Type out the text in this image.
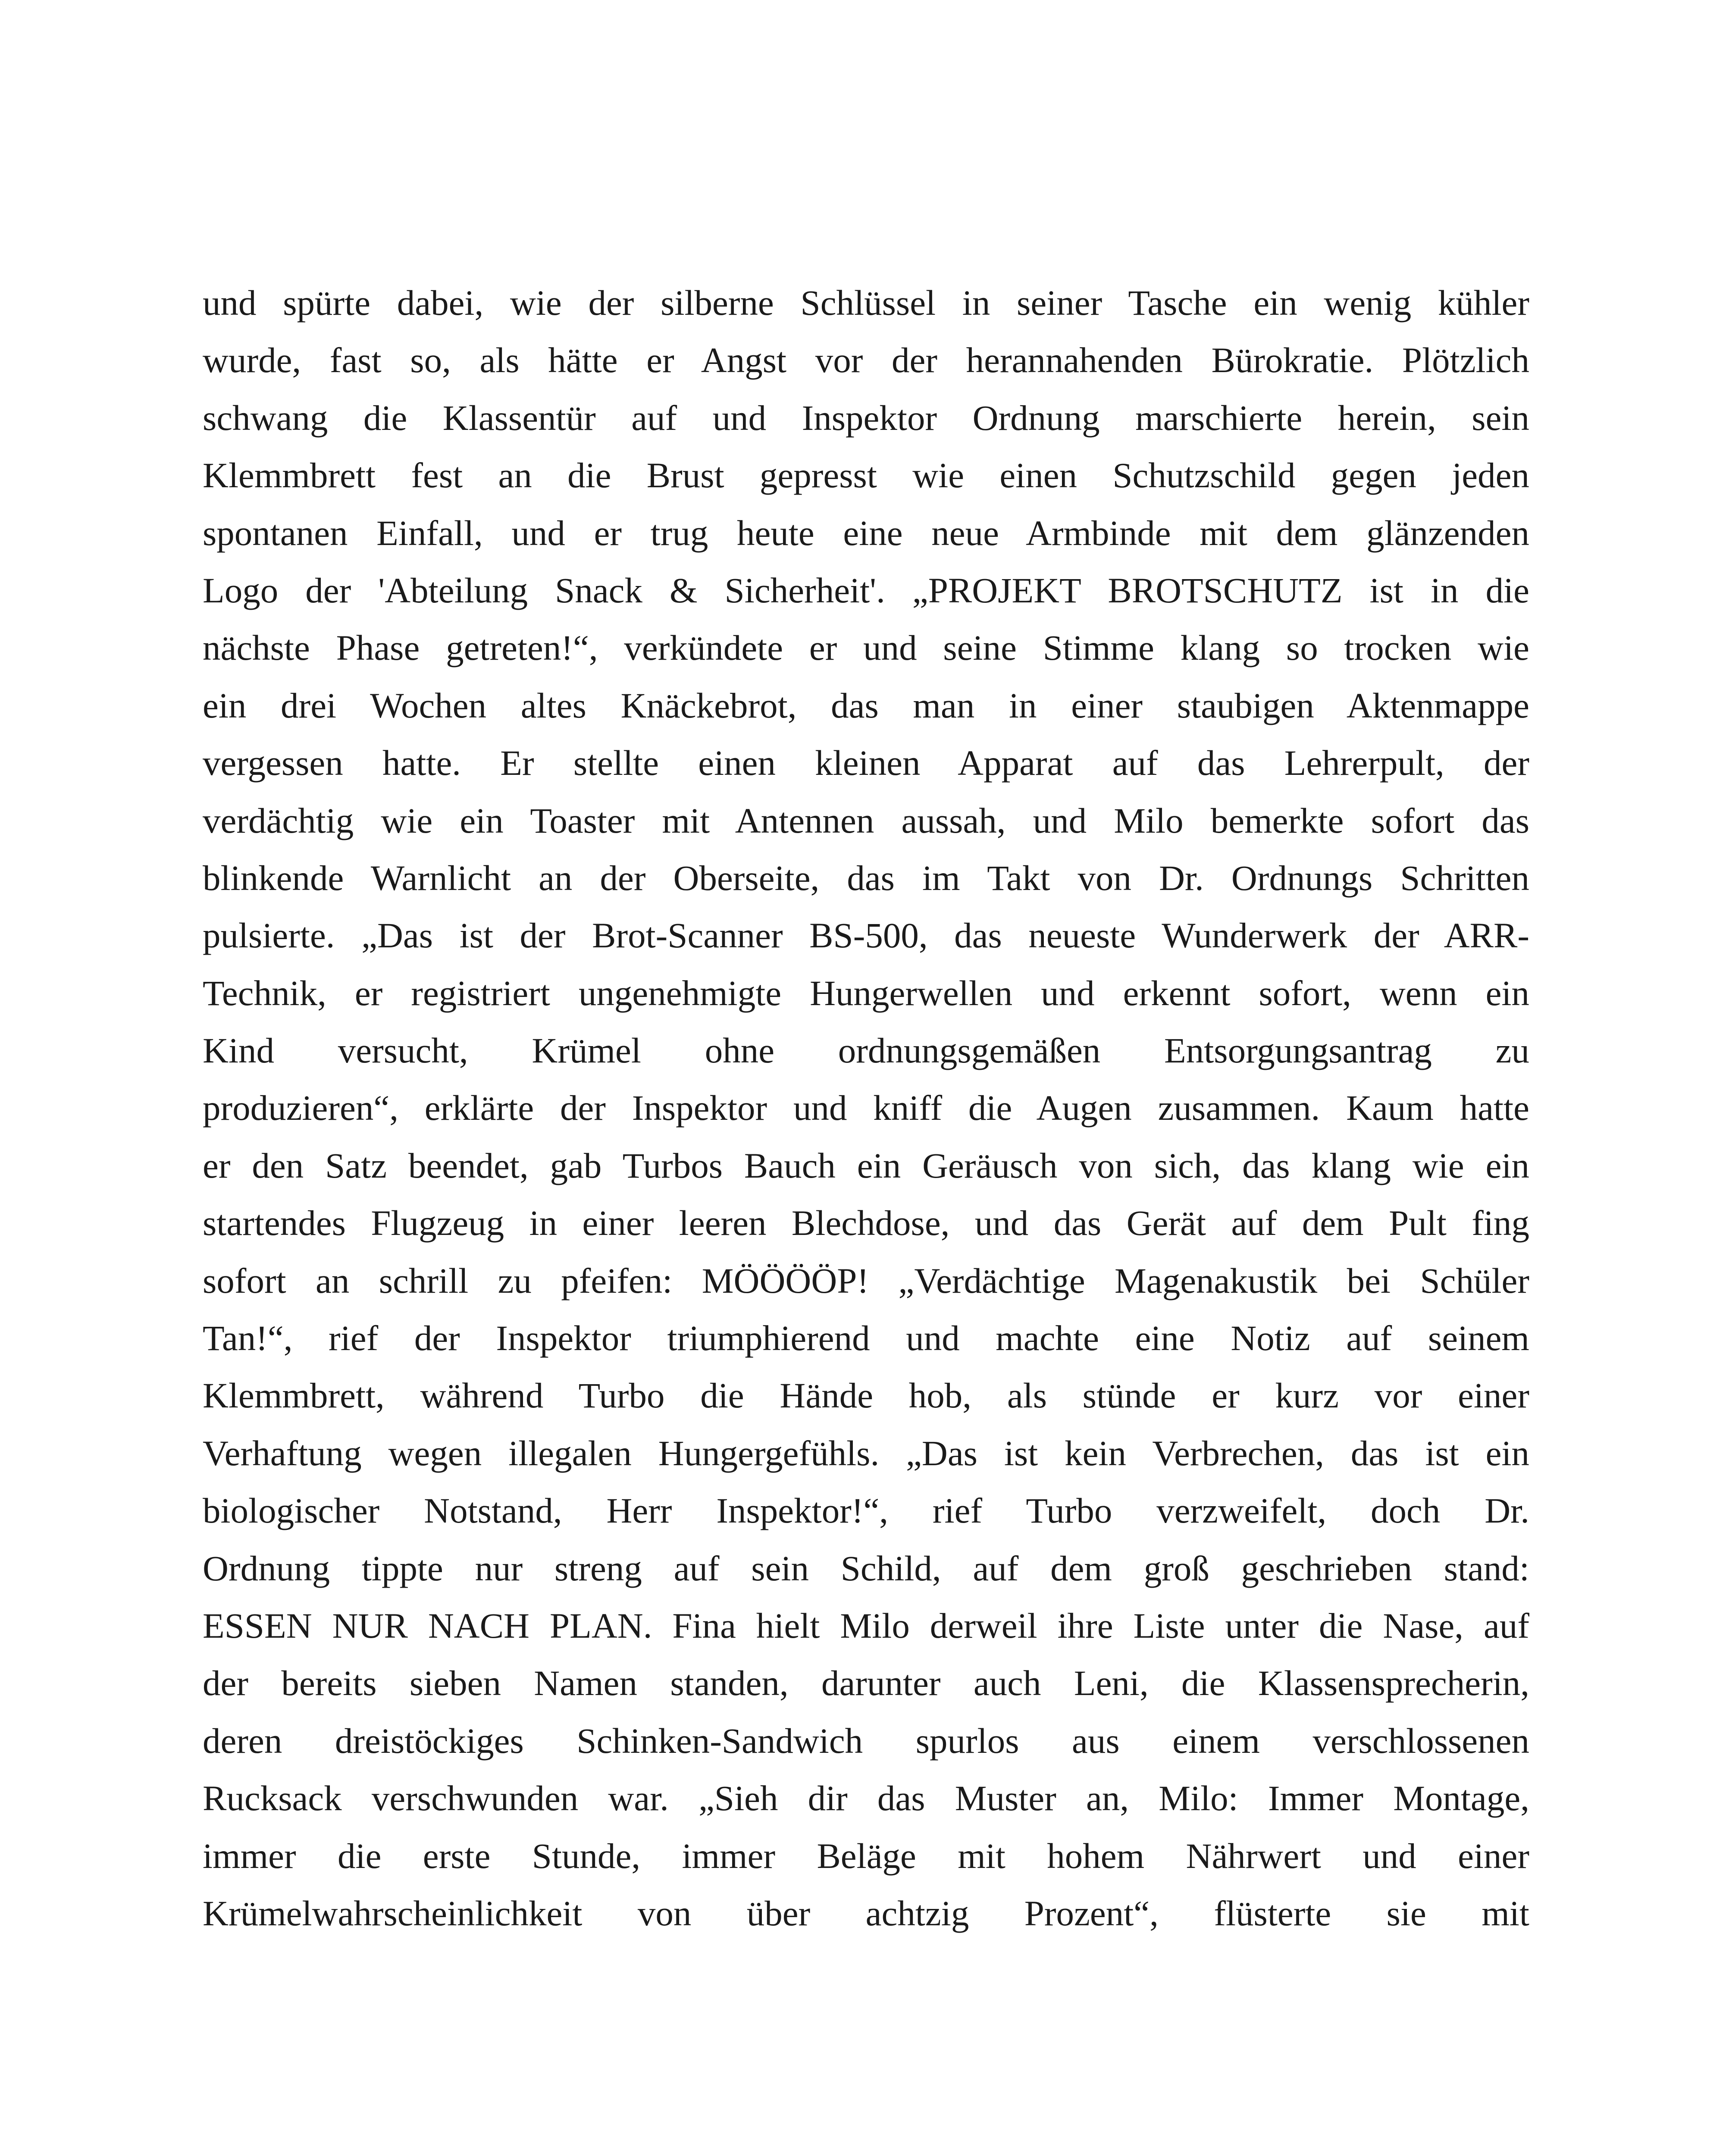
und spürte dabei, wie der silberne Schlüssel in seiner Tasche ein wenig kühler
wurde, fast so, als hätte er Angst vor der herannahenden Bürokratie. Plötzlich
schwang die Klassentür auf und Inspektor Ordnung marschierte herein, sein
Klemmbrett fest an die Brust gepresst wie einen Schutzschild gegen jeden
spontanen Einfall, und er trug heute eine neue Armbinde mit dem glänzenden
Logo der 'Abteilung Snack & Sicherheit'. „PROJEKT BROTSCHUTZ ist in die
nächste Phase getreten!“, verkündete er und seine Stimme klang so trocken wie
ein drei Wochen altes Knäckebrot, das man in einer staubigen Aktenmappe
vergessen hatte. Er stellte einen kleinen Apparat auf das Lehrerpult, der
verdächtig wie ein Toaster mit Antennen aussah, und Milo bemerkte sofort das
blinkende Warnlicht an der Oberseite, das im Takt von Dr. Ordnungs Schritten
pulsierte. „Das ist der Brot-Scanner BS-500, das neueste Wunderwerk der ARR-
Technik, er registriert ungenehmigte Hungerwellen und erkennt sofort, wenn ein
Kind versucht, Krümel ohne ordnungsgemäßen Entsorgungsantrag zu
produzieren“, erklärte der Inspektor und kniff die Augen zusammen. Kaum hatte
er den Satz beendet, gab Turbos Bauch ein Geräusch von sich, das klang wie ein
startendes Flugzeug in einer leeren Blechdose, und das Gerät auf dem Pult fing
sofort an schrill zu pfeifen: MÖÖÖÖP! „Verdächtige Magenakustik bei Schüler
Tan!“, rief der Inspektor triumphierend und machte eine Notiz auf seinem
Klemmbrett, während Turbo die Hände hob, als stünde er kurz vor einer
Verhaftung wegen illegalen Hungergefühls. „Das ist kein Verbrechen, das ist ein
biologischer Notstand, Herr Inspektor!“, rief Turbo verzweifelt, doch Dr.
Ordnung tippte nur streng auf sein Schild, auf dem groß geschrieben stand:
ESSEN NUR NACH PLAN. Fina hielt Milo derweil ihre Liste unter die Nase, auf
der bereits sieben Namen standen, darunter auch Leni, die Klassensprecherin,
deren dreistöckiges Schinken-Sandwich spurlos aus einem verschlossenen
Rucksack verschwunden war. „Sieh dir das Muster an, Milo: Immer Montage,
immer die erste Stunde, immer Beläge mit hohem Nährwert und einer
Krümelwahrscheinlichkeit von über achtzig Prozent“, flüsterte sie mit
